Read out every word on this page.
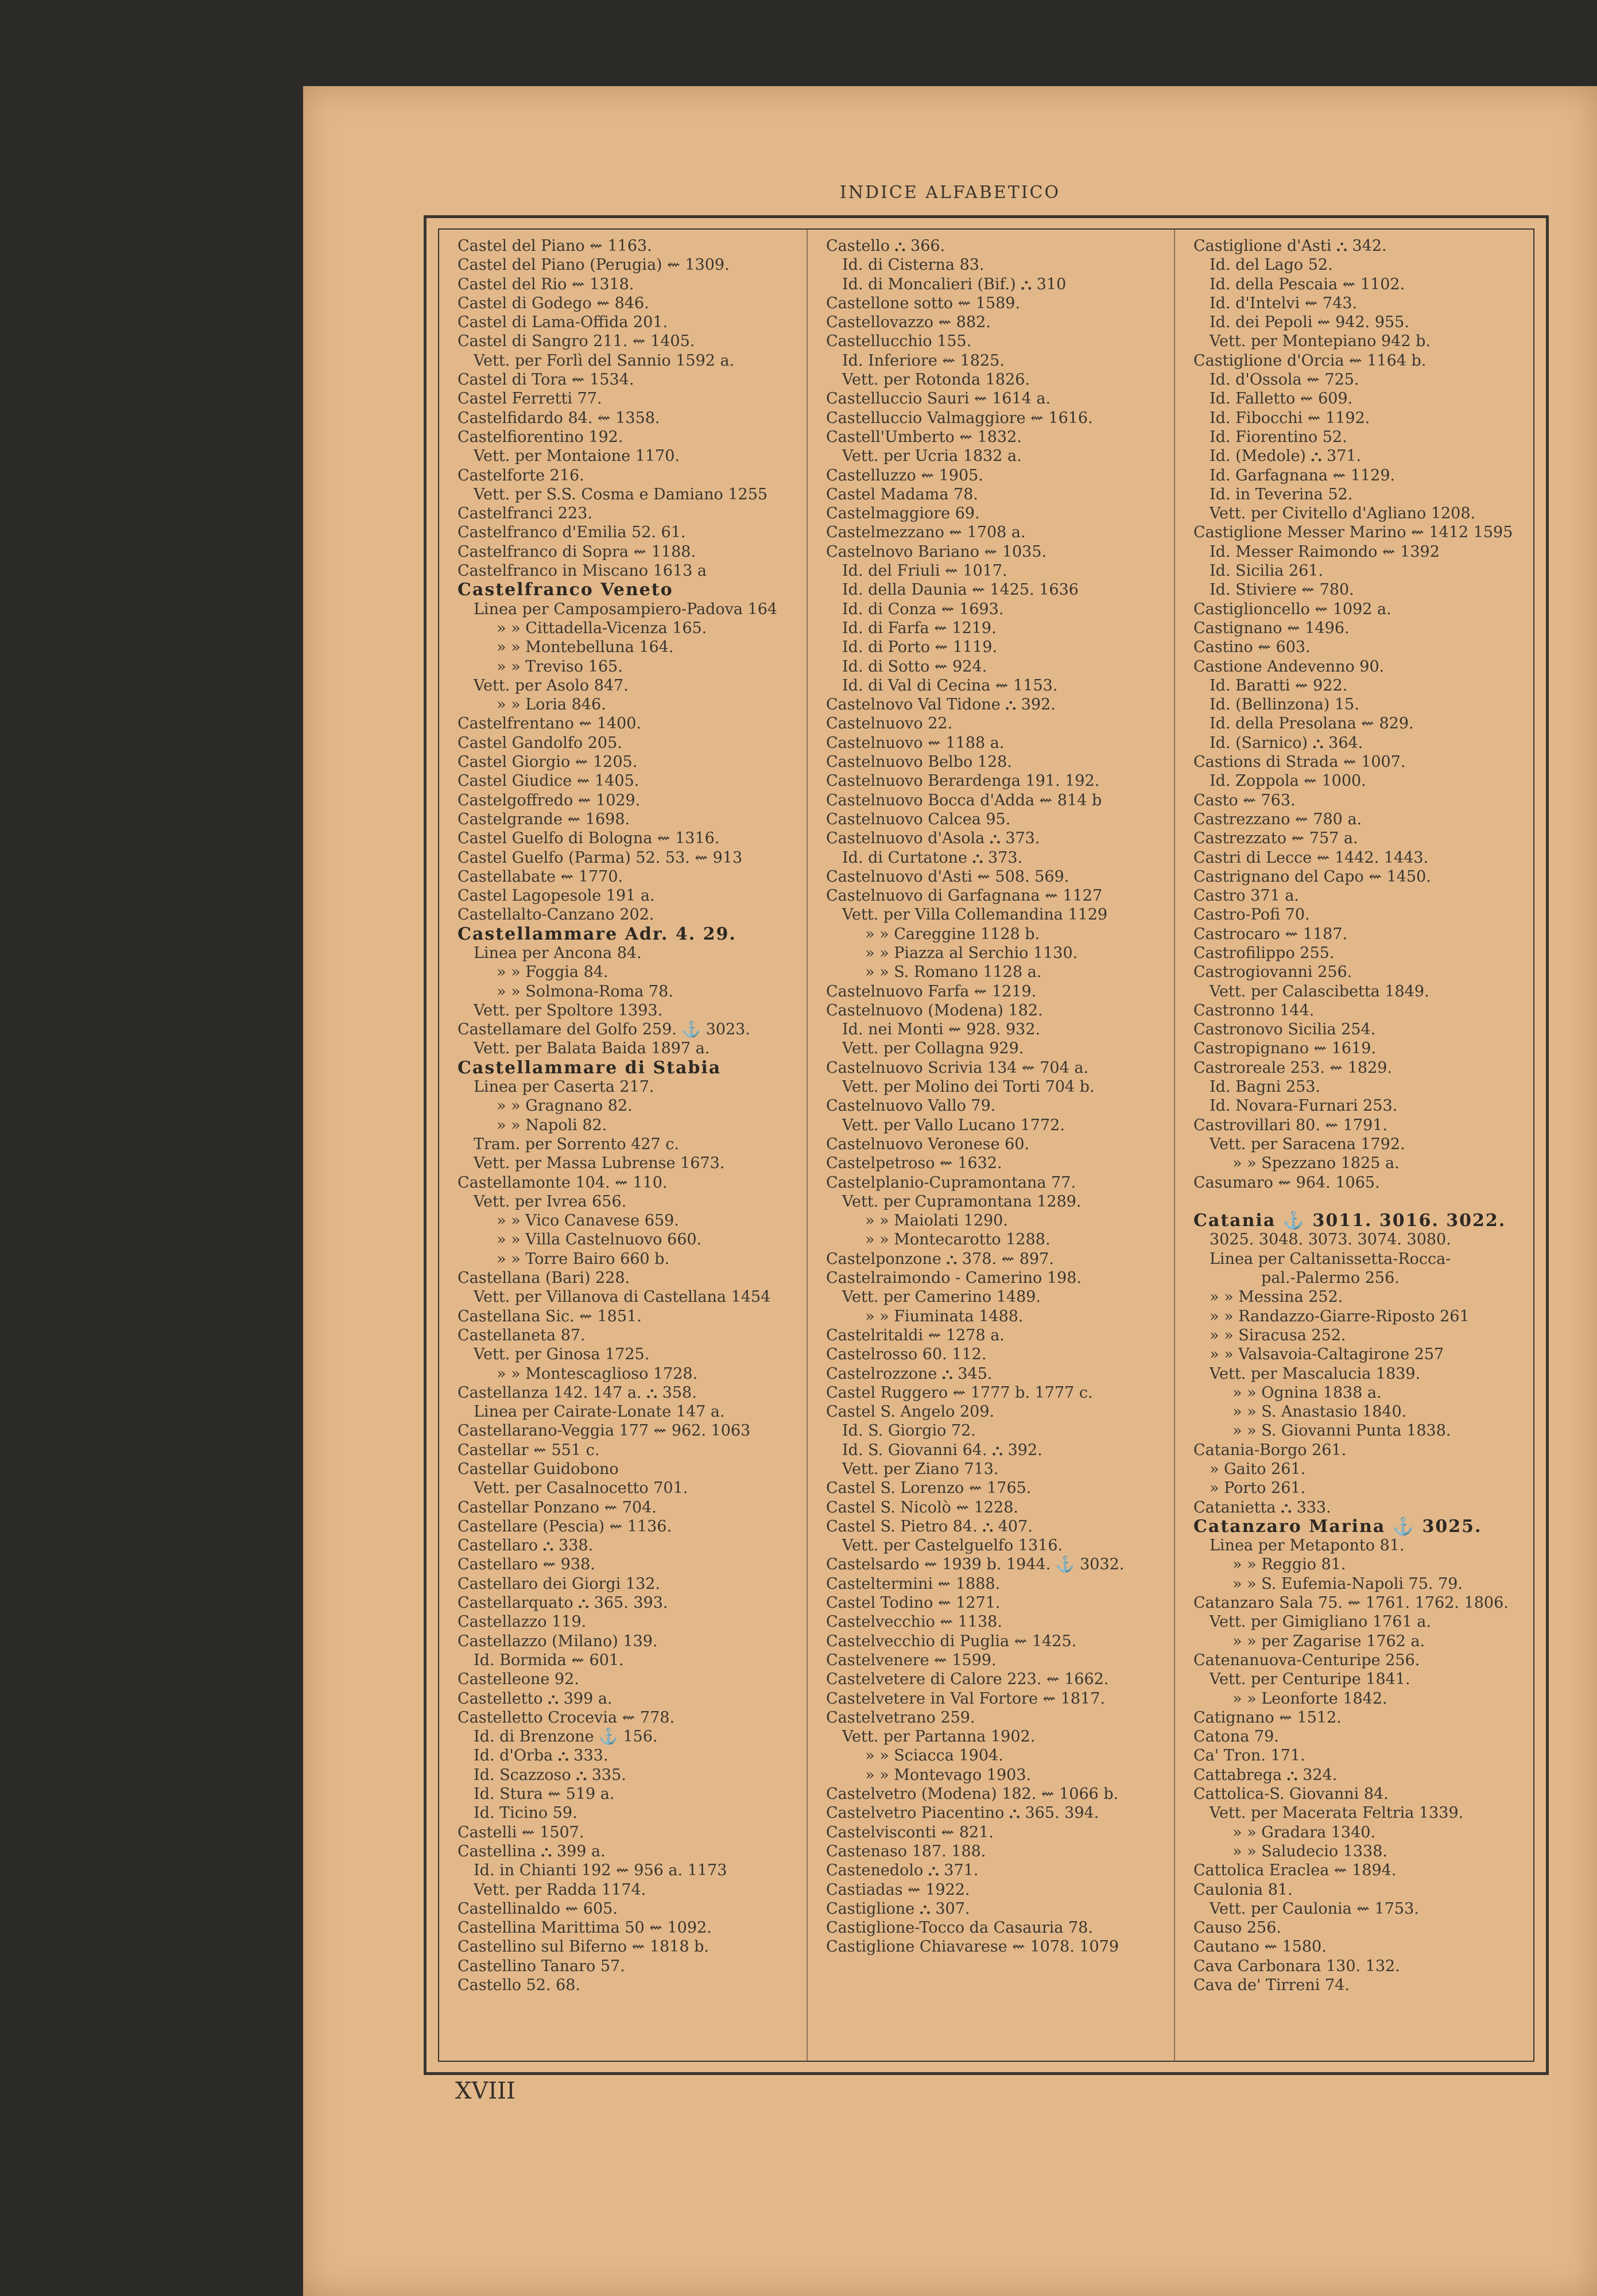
INDICE ALFABETICO
Castel del Piano ⇜ 1163.
Castel del Piano (Perugia) ⇜ 1309.
Castel del Rio ⇜ 1318.
Castel di Godego ⇜ 846.
Castel di Lama-Offida 201.
Castel di Sangro 211. ⇜ 1405.
Vett. per Forlì del Sannio 1592 a.
Castel di Tora ⇜ 1534.
Castel Ferretti 77.
Castelfidardo 84. ⇜ 1358.
Castelfiorentino 192.
Vett. per Montaione 1170.
Castelforte 216.
Vett. per S.S. Cosma e Damiano 1255
Castelfranci 223.
Castelfranco d'Emilia 52. 61.
Castelfranco di Sopra ⇜ 1188.
Castelfranco in Miscano 1613 a
Castelfranco Veneto
Linea per Camposampiero-Padova 164
» » Cittadella-Vicenza 165.
» » Montebelluna 164.
» » Treviso 165.
Vett. per Asolo 847.
» » Loria 846.
Castelfrentano ⇜ 1400.
Castel Gandolfo 205.
Castel Giorgio ⇜ 1205.
Castel Giudice ⇜ 1405.
Castelgoffredo ⇜ 1029.
Castelgrande ⇜ 1698.
Castel Guelfo di Bologna ⇜ 1316.
Castel Guelfo (Parma) 52. 53. ⇜ 913
Castellabate ⇜ 1770.
Castel Lagopesole 191 a.
Castellalto-Canzano 202.
Castellammare Adr. 4. 29.
Linea per Ancona 84.
» » Foggia 84.
» » Solmona-Roma 78.
Vett. per Spoltore 1393.
Castellamare del Golfo 259. ⚓ 3023.
Vett. per Balata Baida 1897 a.
Castellammare di Stabia
Linea per Caserta 217.
» » Gragnano 82.
» » Napoli 82.
Tram. per Sorrento 427 c.
Vett. per Massa Lubrense 1673.
Castellamonte 104. ⇜ 110.
Vett. per Ivrea 656.
» » Vico Canavese 659.
» » Villa Castelnuovo 660.
» » Torre Bairo 660 b.
Castellana (Bari) 228.
Vett. per Villanova di Castellana 1454
Castellana Sic. ⇜ 1851.
Castellaneta 87.
Vett. per Ginosa 1725.
» » Montescaglioso 1728.
Castellanza 142. 147 a. ⛬ 358.
Linea per Cairate-Lonate 147 a.
Castellarano-Veggia 177 ⇜ 962. 1063
Castellar ⇜ 551 c.
Castellar Guidobono
Vett. per Casalnocetto 701.
Castellar Ponzano ⇜ 704.
Castellare (Pescia) ⇜ 1136.
Castellaro ⛬ 338.
Castellaro ⇜ 938.
Castellaro dei Giorgi 132.
Castellarquato ⛬ 365. 393.
Castellazzo 119.
Castellazzo (Milano) 139.
Id. Bormida ⇜ 601.
Castelleone 92.
Castelletto ⛬ 399 a.
Castelletto Crocevia ⇜ 778.
Id. di Brenzone ⚓ 156.
Id. d'Orba ⛬ 333.
Id. Scazzoso ⛬ 335.
Id. Stura ⇜ 519 a.
Id. Ticino 59.
Castelli ⇜ 1507.
Castellina ⛬ 399 a.
Id. in Chianti 192 ⇜ 956 a. 1173
Vett. per Radda 1174.
Castellinaldo ⇜ 605.
Castellina Marittima 50 ⇜ 1092.
Castellino sul Biferno ⇜ 1818 b.
Castellino Tanaro 57.
Castello 52. 68.
Castello ⛬ 366.
Id. di Cisterna 83.
Id. di Moncalieri (Bif.) ⛬ 310
Castellone sotto ⇜ 1589.
Castellovazzo ⇜ 882.
Castellucchio 155.
Id. Inferiore ⇜ 1825.
Vett. per Rotonda 1826.
Castelluccio Sauri ⇜ 1614 a.
Castelluccio Valmaggiore ⇜ 1616.
Castell'Umberto ⇜ 1832.
Vett. per Ucria 1832 a.
Castelluzzo ⇜ 1905.
Castel Madama 78.
Castelmaggiore 69.
Castelmezzano ⇜ 1708 a.
Castelnovo Bariano ⇜ 1035.
Id. del Friuli ⇜ 1017.
Id. della Daunia ⇜ 1425. 1636
Id. di Conza ⇜ 1693.
Id. di Farfa ⇜ 1219.
Id. di Porto ⇜ 1119.
Id. di Sotto ⇜ 924.
Id. di Val di Cecina ⇜ 1153.
Castelnovo Val Tidone ⛬ 392.
Castelnuovo 22.
Castelnuovo ⇜ 1188 a.
Castelnuovo Belbo 128.
Castelnuovo Berardenga 191. 192.
Castelnuovo Bocca d'Adda ⇜ 814 b
Castelnuovo Calcea 95.
Castelnuovo d'Asola ⛬ 373.
Id. di Curtatone ⛬ 373.
Castelnuovo d'Asti ⇜ 508. 569.
Castelnuovo di Garfagnana ⇜ 1127
Vett. per Villa Collemandina 1129
» » Careggine 1128 b.
» » Piazza al Serchio 1130.
» » S. Romano 1128 a.
Castelnuovo Farfa ⇜ 1219.
Castelnuovo (Modena) 182.
Id. nei Monti ⇜ 928. 932.
Vett. per Collagna 929.
Castelnuovo Scrivia 134 ⇜ 704 a.
Vett. per Molino dei Torti 704 b.
Castelnuovo Vallo 79.
Vett. per Vallo Lucano 1772.
Castelnuovo Veronese 60.
Castelpetroso ⇜ 1632.
Castelplanio-Cupramontana 77.
Vett. per Cupramontana 1289.
» » Maiolati 1290.
» » Montecarotto 1288.
Castelponzone ⛬ 378. ⇜ 897.
Castelraimondo - Camerino 198.
Vett. per Camerino 1489.
» » Fiuminata 1488.
Castelritaldi ⇜ 1278 a.
Castelrosso 60. 112.
Castelrozzone ⛬ 345.
Castel Ruggero ⇜ 1777 b. 1777 c.
Castel S. Angelo 209.
Id. S. Giorgio 72.
Id. S. Giovanni 64. ⛬ 392.
Vett. per Ziano 713.
Castel S. Lorenzo ⇜ 1765.
Castel S. Nicolò ⇜ 1228.
Castel S. Pietro 84. ⛬ 407.
Vett. per Castelguelfo 1316.
Castelsardo ⇜ 1939 b. 1944. ⚓ 3032.
Casteltermini ⇜ 1888.
Castel Todino ⇜ 1271.
Castelvecchio ⇜ 1138.
Castelvecchio di Puglia ⇜ 1425.
Castelvenere ⇜ 1599.
Castelvetere di Calore 223. ⇜ 1662.
Castelvetere in Val Fortore ⇜ 1817.
Castelvetrano 259.
Vett. per Partanna 1902.
» » Sciacca 1904.
» » Montevago 1903.
Castelvetro (Modena) 182. ⇜ 1066 b.
Castelvetro Piacentino ⛬ 365. 394.
Castelvisconti ⇜ 821.
Castenaso 187. 188.
Castenedolo ⛬ 371.
Castiadas ⇜ 1922.
Castiglione ⛬ 307.
Castiglione-Tocco da Casauria 78.
Castiglione Chiavarese ⇜ 1078. 1079
Castiglione d'Asti ⛬ 342.
Id. del Lago 52.
Id. della Pescaia ⇜ 1102.
Id. d'Intelvi ⇜ 743.
Id. dei Pepoli ⇜ 942. 955.
Vett. per Montepiano 942 b.
Castiglione d'Orcia ⇜ 1164 b.
Id. d'Ossola ⇜ 725.
Id. Falletto ⇜ 609.
Id. Fibocchi ⇜ 1192.
Id. Fiorentino 52.
Id. (Medole) ⛬ 371.
Id. Garfagnana ⇜ 1129.
Id. in Teverina 52.
Vett. per Civitello d'Agliano 1208.
Castiglione Messer Marino ⇜ 1412 1595
Id. Messer Raimondo ⇜ 1392
Id. Sicilia 261.
Id. Stiviere ⇜ 780.
Castiglioncello ⇜ 1092 a.
Castignano ⇜ 1496.
Castino ⇜ 603.
Castione Andevenno 90.
Id. Baratti ⇜ 922.
Id. (Bellinzona) 15.
Id. della Presolana ⇜ 829.
Id. (Sarnico) ⛬ 364.
Castions di Strada ⇜ 1007.
Id. Zoppola ⇜ 1000.
Casto ⇜ 763.
Castrezzano ⇜ 780 a.
Castrezzato ⇜ 757 a.
Castri di Lecce ⇜ 1442. 1443.
Castrignano del Capo ⇜ 1450.
Castro 371 a.
Castro-Pofi 70.
Castrocaro ⇜ 1187.
Castrofilippo 255.
Castrogiovanni 256.
Vett. per Calascibetta 1849.
Castronno 144.
Castronovo Sicilia 254.
Castropignano ⇜ 1619.
Castroreale 253. ⇜ 1829.
Id. Bagni 253.
Id. Novara-Furnari 253.
Castrovillari 80. ⇜ 1791.
Vett. per Saracena 1792.
» » Spezzano 1825 a.
Casumaro ⇜ 964. 1065.
Catania ⚓ 3011. 3016. 3022.
3025. 3048. 3073. 3074. 3080.
Linea per Caltanissetta-Rocca-
pal.-Palermo 256.
» » Messina 252.
» » Randazzo-Giarre-Riposto 261
» » Siracusa 252.
» » Valsavoia-Caltagirone 257
Vett. per Mascalucia 1839.
» » Ognina 1838 a.
» » S. Anastasio 1840.
» » S. Giovanni Punta 1838.
Catania-Borgo 261.
» Gaito 261.
» Porto 261.
Catanietta ⛬ 333.
Catanzaro Marina ⚓ 3025.
Linea per Metaponto 81.
» » Reggio 81.
» » S. Eufemia-Napoli 75. 79.
Catanzaro Sala 75. ⇜ 1761. 1762. 1806.
Vett. per Gimigliano 1761 a.
» » per Zagarise 1762 a.
Catenanuova-Centuripe 256.
Vett. per Centuripe 1841.
» » Leonforte 1842.
Catignano ⇜ 1512.
Catona 79.
Ca' Tron. 171.
Cattabrega ⛬ 324.
Cattolica-S. Giovanni 84.
Vett. per Macerata Feltria 1339.
» » Gradara 1340.
» » Saludecio 1338.
Cattolica Eraclea ⇜ 1894.
Caulonia 81.
Vett. per Caulonia ⇜ 1753.
Causo 256.
Cautano ⇜ 1580.
Cava Carbonara 130. 132.
Cava de' Tirreni 74.
XVIII
